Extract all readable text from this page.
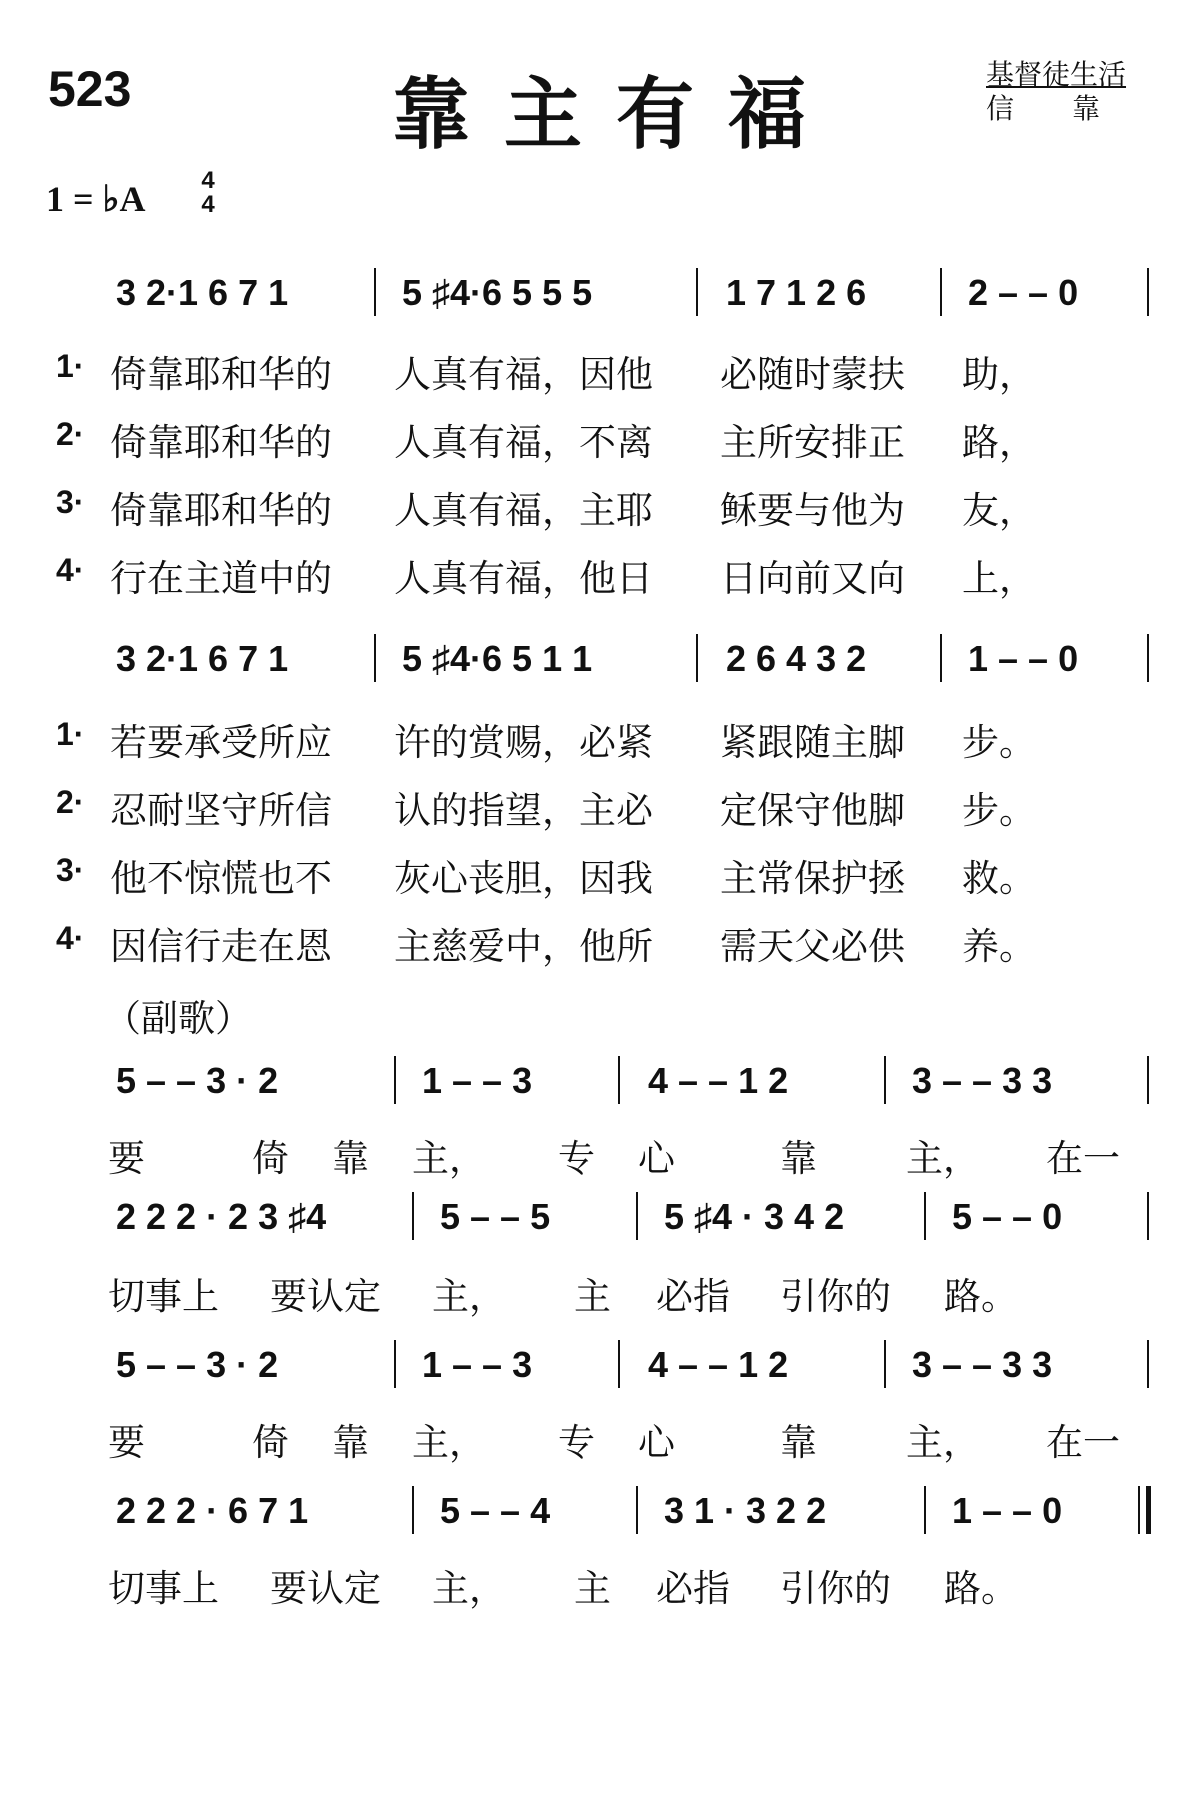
523	靠主有福	基督徒生活
信靠
1 = ♭A 4
4
3 2·1 6 7 1	5 ♯4·6 5 5 5	1 7 1 2 6	2 – – 0
1· 倚靠耶和华的 人真有福，因他 必随时蒙扶 助，
2· 倚靠耶和华的 人真有福，不离 主所安排正 路，
3· 倚靠耶和华的 人真有福，主耶 稣要与他为 友，
4· 行在主道中的 人真有福，他日 日向前又向 上，
3 2·1 6 7 1	5 ♯4·6 5 1 1	2 6 4 3 2	1 – – 0
1· 若要承受所应 许的赏赐，必紧 紧跟随主脚 步。
2· 忍耐坚守所信 认的指望，主必 定保守他脚 步。
3· 他不惊慌也不 灰心丧胆，因我 主常保护拯 救。
4· 因信行走在恩 主慈爱中，他所 需天父必供 养。
（副歌）
5 – – 3 · 2	1 – – 3	4 – – 1 2	3 – – 3 3
要	倚 靠 主， 专 心	靠 主， 在一
2 2 2 · 2 3 ♯4	5 – – 5	5 ♯4 · 3 4 2	5 – – 0
切事上 要认定 主， 主 必指 引你的 路。
5 – – 3 · 2	1 – – 3	4 – – 1 2	3 – – 3 3
要	倚 靠 主， 专 心	靠 主， 在一
2 2 2 · 6 7 1	5 – – 4	3 1 · 3 2 2	1 – – 0
切事上 要认定 主， 主 必指 引你的 路。
